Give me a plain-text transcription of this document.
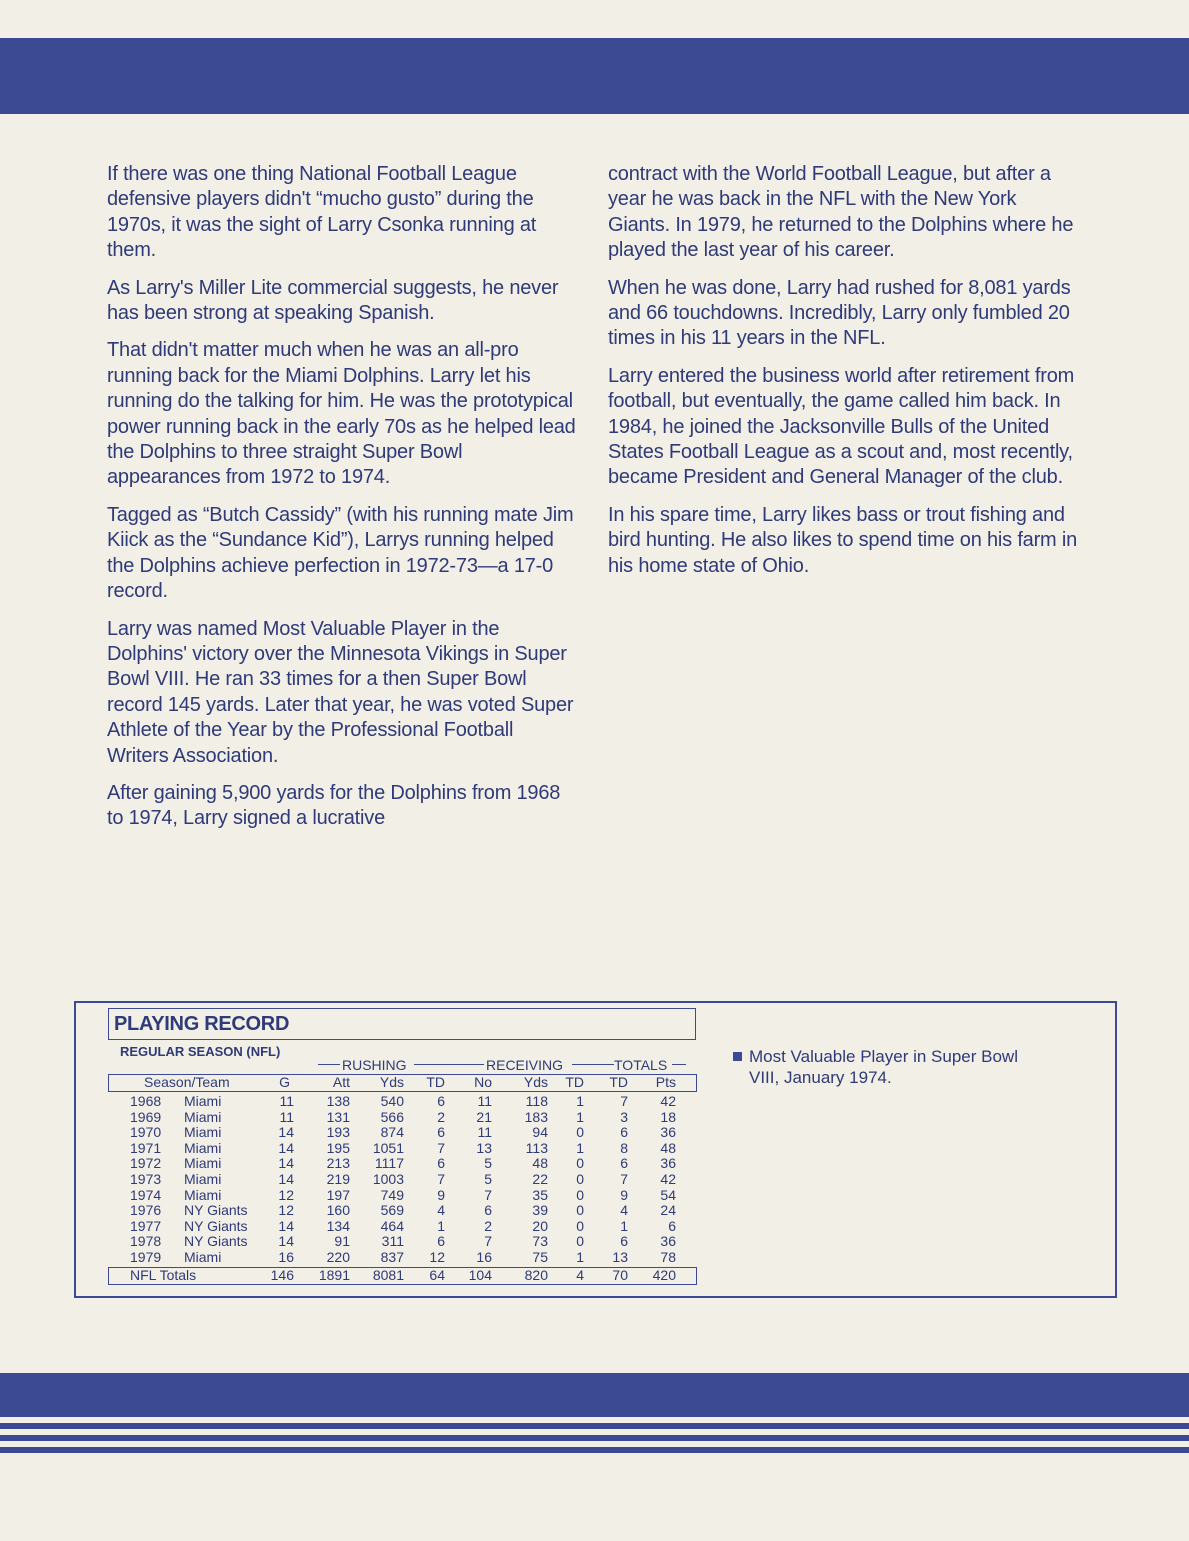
If there was one thing National Football League defensive players didn't “mucho gusto” during the 1970s, it was the sight of Larry Csonka running at them.

As Larry's Miller Lite commercial suggests, he never has been strong at speaking Spanish.

That didn't matter much when he was an all-pro running back for the Miami Dolphins. Larry let his running do the talking for him. He was the prototypical power running back in the early 70s as he helped lead the Dolphins to three straight Super Bowl appearances from 1972 to 1974.

Tagged as “Butch Cassidy” (with his running mate Jim Kiick as the “Sundance Kid”), Larrys running helped the Dolphins achieve perfection in 1972-73—a 17-0 record.

Larry was named Most Valuable Player in the Dolphins' victory over the Minnesota Vikings in Super Bowl VIII. He ran 33 times for a then Super Bowl record 145 yards. Later that year, he was voted Super Athlete of the Year by the Professional Football Writers Association.

After gaining 5,900 yards for the Dolphins from 1968 to 1974, Larry signed a lucrative

contract with the World Football League, but after a year he was back in the NFL with the New York Giants. In 1979, he returned to the Dolphins where he played the last year of his career.

When he was done, Larry had rushed for 8,081 yards and 66 touchdowns. Incredibly, Larry only fumbled 20 times in his 11 years in the NFL.

Larry entered the business world after retirement from football, but eventually, the game called him back. In 1984, he joined the Jacksonville Bulls of the United States Football League as a scout and, most recently, became President and General Manager of the club.

In his spare time, Larry likes bass or trout fishing and bird hunting. He also likes to spend time on his farm in his home state of Ohio.

PLAYING RECORD
REGULAR SEASON (NFL)
RUSHING	RECEIVING	TOTALS
Season/Team	G	Att Yds TD No Yds TD TD Pts
1968 Miami	11 138 540 6 11 118 1	7 42
1969 Miami	11 131 566 2 21 183 1	3 18
1970 Miami	14 193 874 6 11	94 0	6 36
1971 Miami	14 195 1051 7 13 113 1	8 48
1972 Miami	14 213 1117 6	5	48 0	6 36
1973 Miami	14 219 1003 7	5	22 0	7 42
1974 Miami	12 197 749 9	7	35 0	9 54
1976 NY Giants 12 160 569 4	6	39 0	4 24
1977 NY Giants 14 134 464 1	2	20 0	1	6
1978 NY Giants 14	91 311 6	7	73 0	6 36
1979 Miami	16 220 837 12 16	75 1 13 78
NFL Totals	146 1891 8081 64 104 820 4 70 420
Most Valuable Player in Super Bowl
VIII, January 1974.
